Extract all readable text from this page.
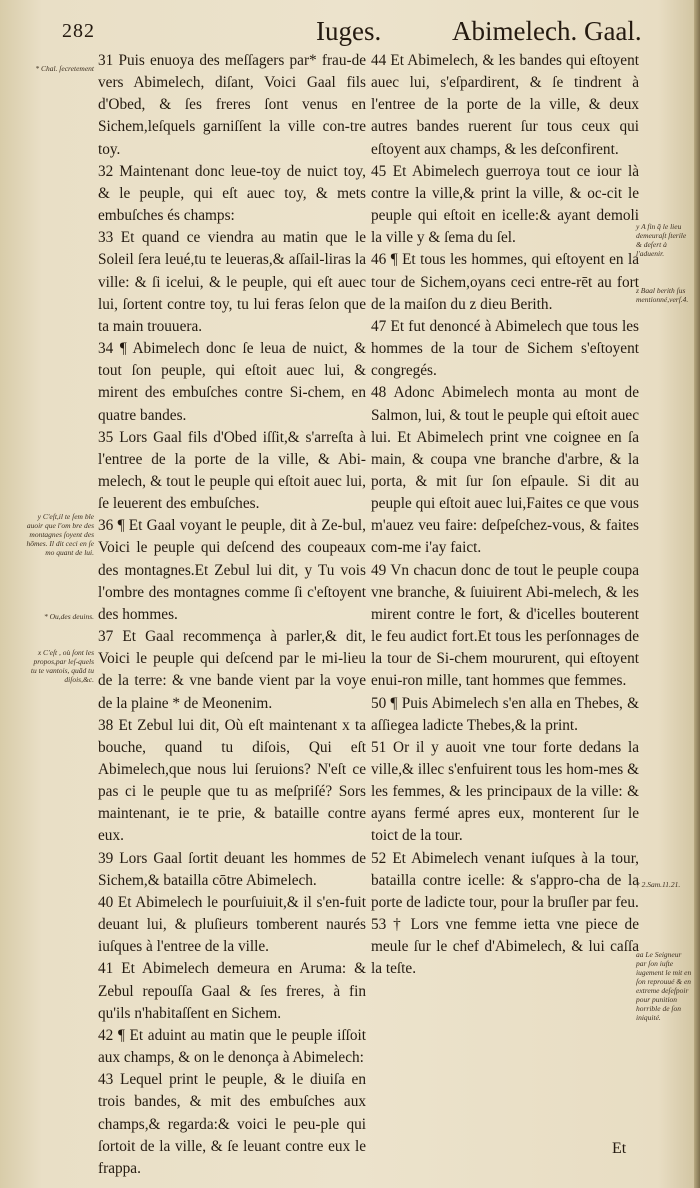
282	Iuges.	Abimelech. Gaal.

31 Puis enuoya des meſſagers par* frau-de vers Abimelech, diſant, Voici Gaal fils d'Obed, & ſes freres ſont venus en Sichem,leſquels garniſſent la ville con-tre toy.

32 Maintenant donc leue-toy de nuict toy, & le peuple, qui eſt auec toy, & mets embuſches és champs:

33 Et quand ce viendra au matin que le Soleil ſera leué,tu te leueras,& aſſail-liras la ville: & ſi icelui, & le peuple, qui eſt auec lui, ſortent contre toy, tu lui feras ſelon que ta main trouuera.

34 ¶ Abimelech donc ſe leua de nuict, & tout ſon peuple, qui eſtoit auec lui, & mirent des embuſches contre Si-chem, en quatre bandes.

35 Lors Gaal fils d'Obed iſſit,& s'arreſta à l'entree de la porte de la ville, & Abi-melech, & tout le peuple qui eſtoit auec lui, ſe leuerent des embuſches.

36 ¶ Et Gaal voyant le peuple, dit à Ze-bul, Voici le peuple qui deſcend des coupeaux des montagnes.Et Zebul lui dit, y Tu vois l'ombre des montagnes comme ſi c'eſtoyent des hommes.

37 Et Gaal recommença à parler,& dit, Voici le peuple qui deſcend par le mi-lieu de la terre: & vne bande vient par la voye de la plaine * de Meonenim.

38 Et Zebul lui dit, Où eſt maintenant x ta bouche, quand tu diſois, Qui eſt Abimelech,que nous lui ſeruions? N'eſt ce pas ci le peuple que tu as meſpriſé? Sors maintenant, ie te prie, & bataille contre eux.

39 Lors Gaal ſortit deuant les hommes de Sichem,& batailla cōtre Abimelech.

40 Et Abimelech le pourſuiuit,& il s'en-fuit deuant lui, & pluſieurs tomberent naurés iuſques à l'entree de la ville.

41 Et Abimelech demeura en Aruma: & Zebul repouſſa Gaal & ſes freres, à fin qu'ils n'habitaſſent en Sichem.

42 ¶ Et aduint au matin que le peuple iſſoit aux champs, & on le denonça à Abimelech:

43 Lequel print le peuple, & le diuiſa en trois bandes, & mit des embuſches aux champs,& regarda:& voici le peu-ple qui ſortoit de la ville, & ſe leuant contre eux le frappa.

44 Et Abimelech, & les bandes qui eſtoyent auec lui, s'eſpardirent, & ſe tindrent à l'entree de la porte de la ville, & deux autres bandes ruerent ſur tous ceux qui eſtoyent aux champs, & les deſconfirent.

45 Et Abimelech guerroya tout ce iour là contre la ville,& print la ville, & oc-cit le peuple qui eſtoit en icelle:& ayant demoli la ville y & ſema du ſel.

46 ¶ Et tous les hommes, qui eſtoyent en la tour de Sichem,oyans ceci entre-rēt au fort de la maiſon du z dieu Berith.

47 Et fut denoncé à Abimelech que tous les hommes de la tour de Sichem s'eſtoyent congregés.

48 Adonc Abimelech monta au mont de Salmon, lui, & tout le peuple qui eſtoit auec lui. Et Abimelech print vne coignee en ſa main, & coupa vne branche d'arbre, & la porta, & mit ſur ſon eſpaule. Si dit au peuple qui eſtoit auec lui,Faites ce que vous m'auez veu faire: deſpeſchez-vous, & faites com-me i'ay faict.

49 Vn chacun donc de tout le peuple coupa vne branche, & ſuiuirent Abi-melech, & les mirent contre le fort, & d'icelles bouterent le feu audict fort.Et tous les perſonnages de la tour de Si-chem moururent, qui eſtoyent enui-ron mille, tant hommes que femmes.

50 ¶ Puis Abimelech s'en alla en Thebes, & aſſiegea ladicte Thebes,& la print.

51 Or il y auoit vne tour forte dedans la ville,& illec s'enfuirent tous les hom-mes & les femmes, & les principaux de la ville: & ayans fermé apres eux, monterent ſur le toict de la tour.

52 Et Abimelech venant iuſques à la tour, batailla contre icelle: & s'appro-cha de la porte de ladicte tour, pour la bruſler par feu.

53 † Lors vne femme ietta vne piece de meule ſur le chef d'Abimelech, & lui caſſa la teſte.

* Chal. ſecretement
y C'eſt,il te ſem ble auoir que l'om bre des montagnes ſoyent des hōmes. Il dit ceci en ſe mo quant de lui.
* Ou,des deuins.
x C'eſt , où ſont les propos,par leſ-quels tu te vantois, quād tu diſois,&c.
y A fin q̄ le lieu demeuraſt ſterile & deſert à l'aduenir.
z Baal berith ſus mentionné,verſ.4.
† 2.Sam.11.21.
aa Le Seigneur par ſon iuſte iugement le mit en ſon reprouué & en extreme deſeſpoir pour punition horrible de ſon iniquité.
Et
